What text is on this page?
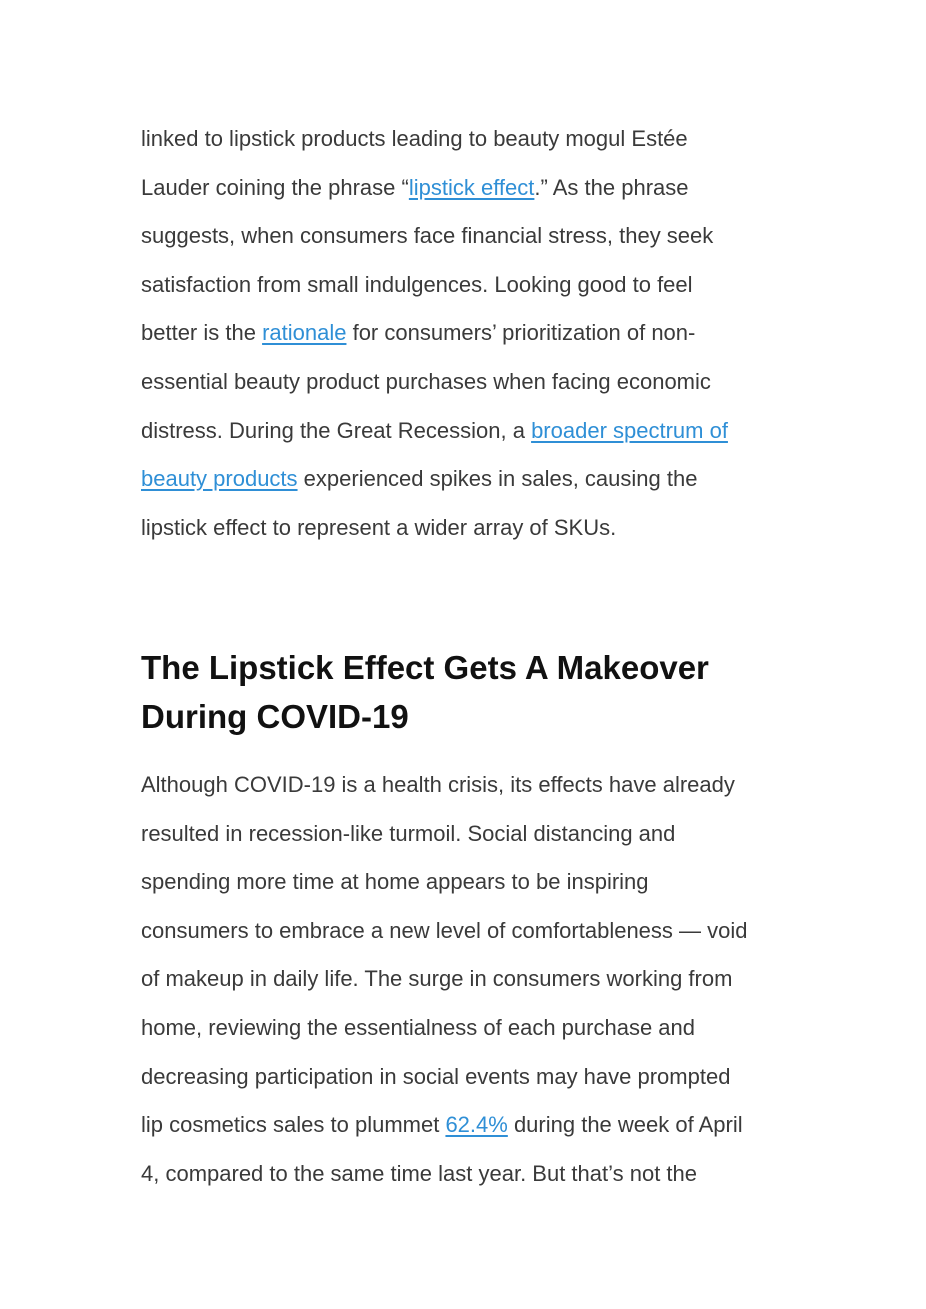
linked to lipstick products leading to beauty mogul Estée
Lauder coining the phrase “lipstick effect.” As the phrase
suggests, when consumers face financial stress, they seek
satisfaction from small indulgences. Looking good to feel
better is the rationale for consumers’ prioritization of non-
essential beauty product purchases when facing economic
distress. During the Great Recession, a broader spectrum of
beauty products experienced spikes in sales, causing the
lipstick effect to represent a wider array of SKUs.

The Lipstick Effect Gets A Makeover
During COVID-19

Although COVID-19 is a health crisis, its effects have already
resulted in recession-like turmoil. Social distancing and
spending more time at home appears to be inspiring
consumers to embrace a new level of comfortableness — void
of makeup in daily life. The surge in consumers working from
home, reviewing the essentialness of each purchase and
decreasing participation in social events may have prompted
lip cosmetics sales to plummet 62.4% during the week of April
4, compared to the same time last year. But that’s not the
